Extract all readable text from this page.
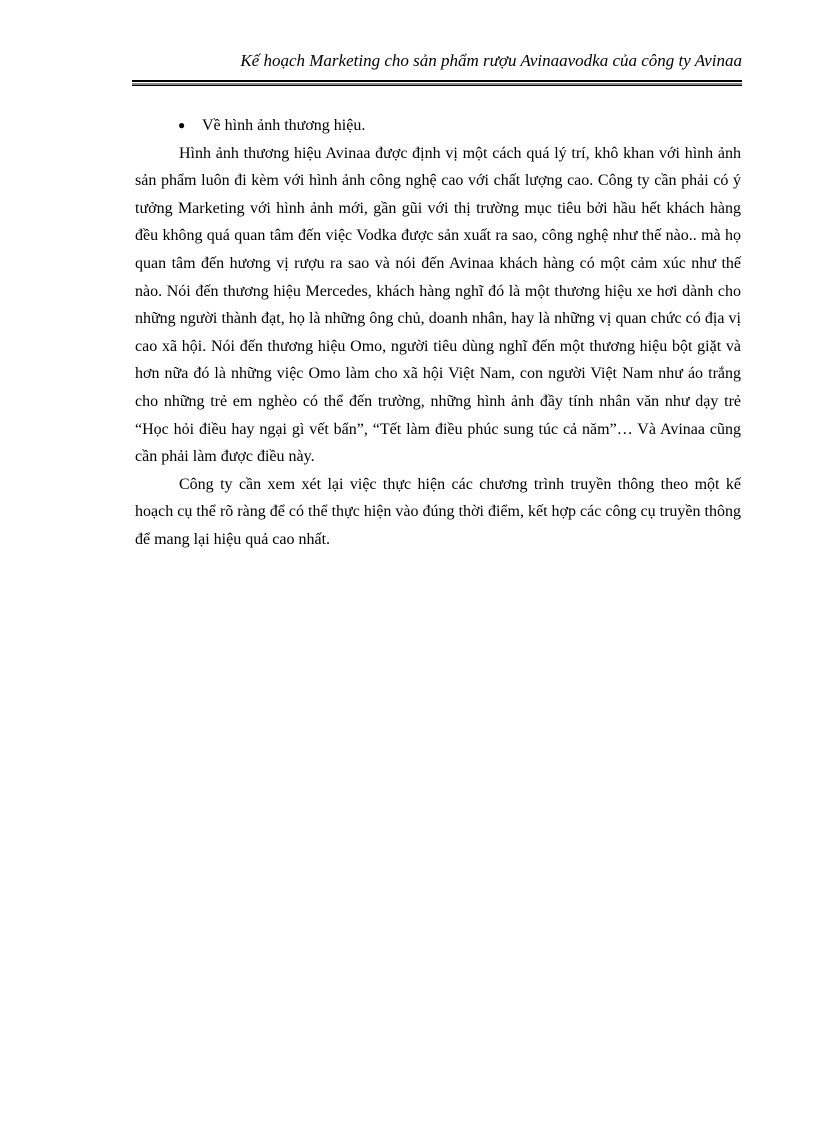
Kế hoạch Marketing cho sản phẩm rượu Avinaavodka của công ty Avinaa
● Về hình ảnh thương hiệu.

Hình ảnh thương hiệu Avinaa được định vị một cách quá lý trí, khô khan với hình ảnh sản phẩm luôn đi kèm với hình ảnh công nghệ cao với chất lượng cao. Công ty cần phải có ý tưởng Marketing với hình ảnh mới, gần gũi với thị trường mục tiêu bởi hầu hết khách hàng đều không quá quan tâm đến việc Vodka được sản xuất ra sao, công nghệ như thế nào.. mà họ quan tâm đến hương vị rượu ra sao và nói đến Avinaa khách hàng có một cảm xúc như thế nào. Nói đến thương hiệu Mercedes, khách hàng nghĩ đó là một thương hiệu xe hơi dành cho những người thành đạt, họ là những ông chủ, doanh nhân, hay là những vị quan chức có địa vị cao xã hội. Nói đến thương hiệu Omo, người tiêu dùng nghĩ đến một thương hiệu bột giặt và hơn nữa đó là những việc Omo làm cho xã hội Việt Nam, con người Việt Nam như áo trắng cho những trẻ em nghèo có thể đến trường, những hình ảnh đầy tính nhân văn như dạy trẻ “Học hỏi điều hay ngại gì vết bẩn”, “Tết làm điều phúc sung túc cả năm”… Và Avinaa cũng cần phải làm được điều này.

Công ty cần xem xét lại việc thực hiện các chương trình truyền thông theo một kế hoạch cụ thể rõ ràng để có thể thực hiện vào đúng thời điểm, kết hợp các công cụ truyền thông để mang lại hiệu quả cao nhất.
